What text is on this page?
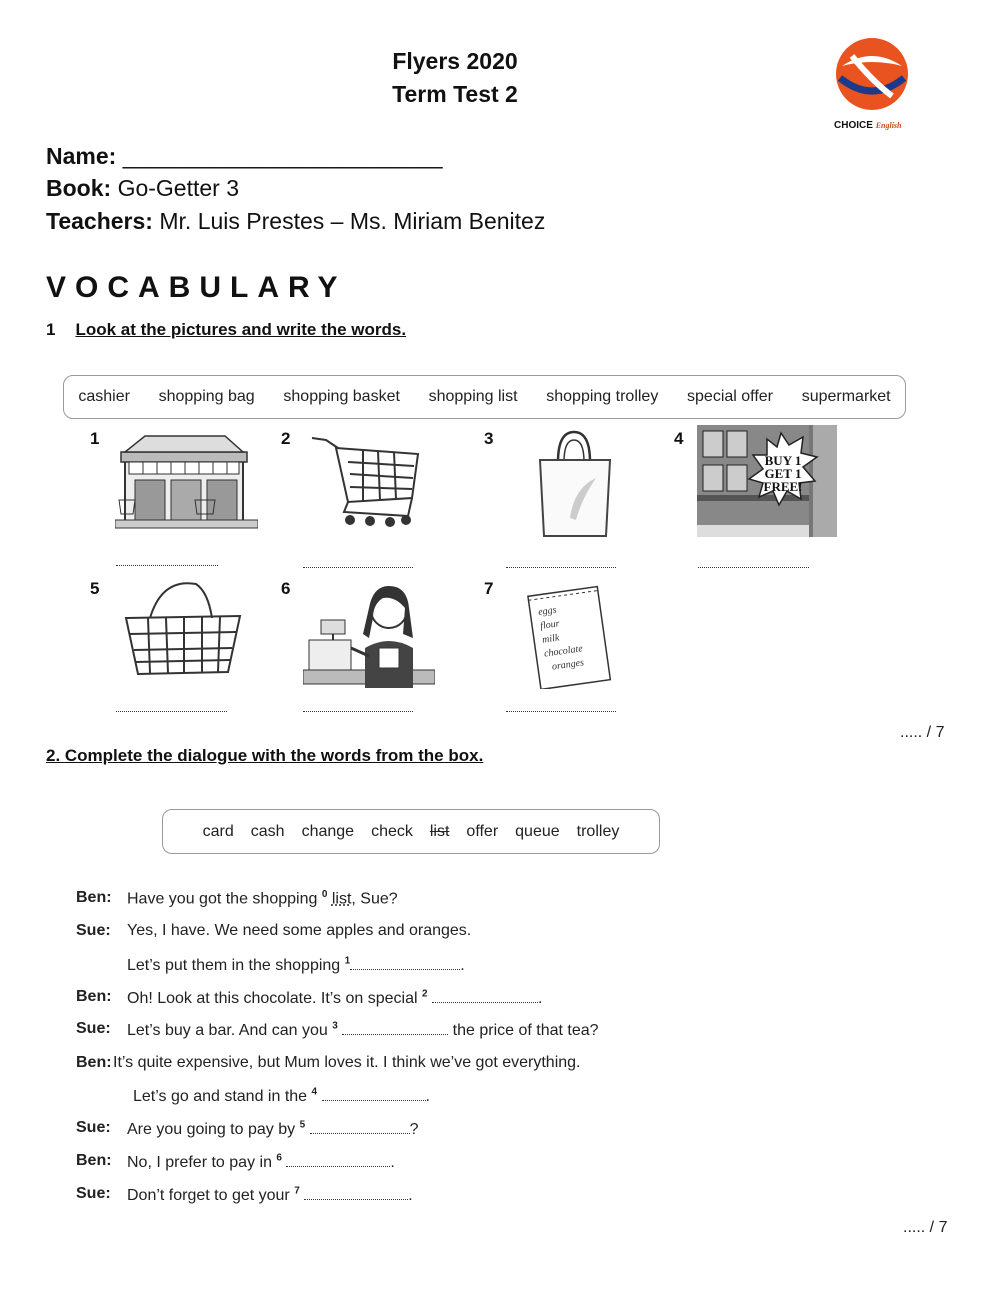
Flyers 2020
Term Test 2
CHOICE English
Name: _________________________
Book: Go-Getter 3
Teachers: Mr. Luis Prestes – Ms. Miriam Benitez
VOCABULARY
1 Look at the pictures and write the words.
cashier shopping bag shopping basket shopping list shopping trolley special offer supermarket
1	2	3	4
5	6	7
BUY 1
GET 1
FREE!
eggs
flour
milk
chocolate
oranges
..... / 7
2. Complete the dialogue with the words from the box.
card cash change check list offer queue trolley
Ben: Have you got the shopping $^0$ list, Sue?
Sue: Yes, I have. We need some apples and oranges.
Let’s put them in the shopping $^1$	.
Ben: Oh! Look at this chocolate. It’s on special $^2$	.
Sue: Let’s buy a bar. And can you $^3$	the price of that tea?
Ben: It’s quite expensive, but Mum loves it. I think we’ve got everything.
Let’s go and stand in the $^4$	.
Sue: Are you going to pay by $^5$	?
Ben: No, I prefer to pay in $^6$	.
Sue: Don’t forget to get your $^7$	.
..... / 7
